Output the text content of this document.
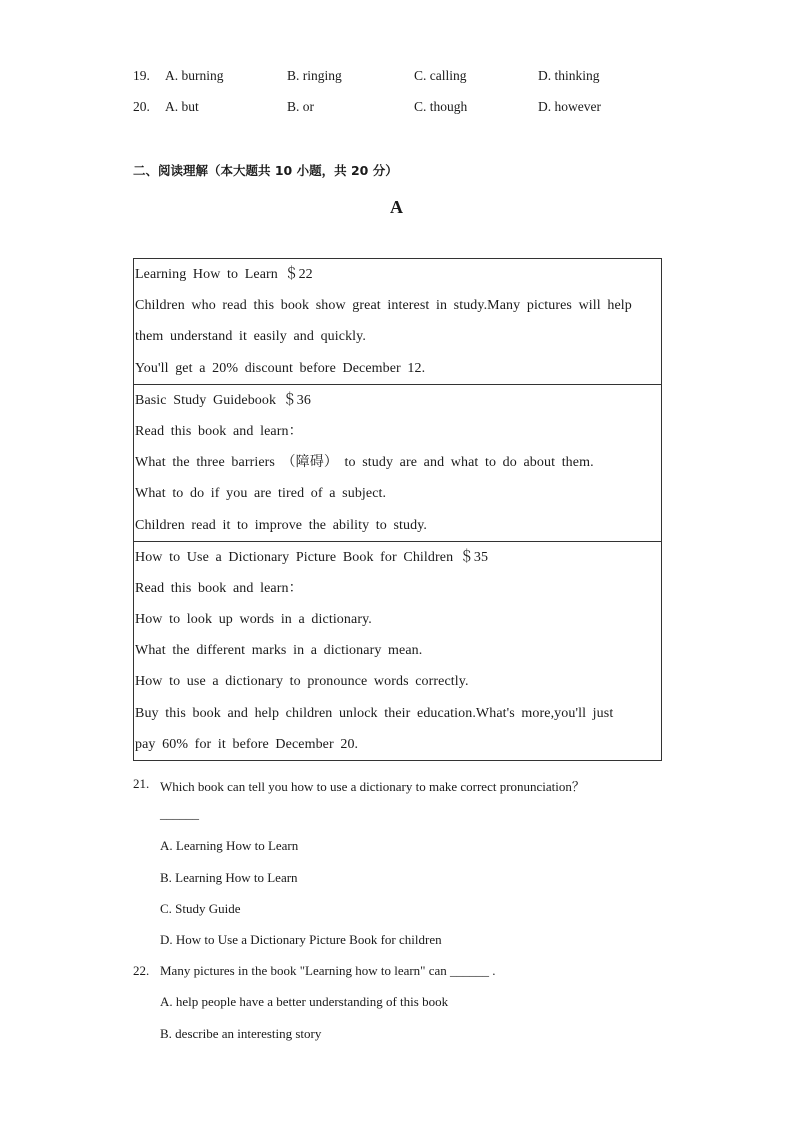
19. A. burning	B. ringing	C. calling	D. thinking
20. A. but	B. or	C. though	D. however
二、阅读理解（本大题共 10 小题，共 20 分）
A
Learning How to Learn ＄22
Children who read this book show great interest in study.Many pictures will help
them understand it easily and quickly.
You'll get a 20% discount before December 12.

Basic Study Guidebook ＄36
Read this book and learn：
What the three barriers （障碍） to study are and what to do about them.
What to do if you are tired of a subject.
Children read it to improve the ability to study.

How to Use a Dictionary Picture Book for Children ＄35
Read this book and learn：
How to look up words in a dictionary.
What the different marks in a dictionary mean.
How to use a dictionary to pronounce words correctly.
Buy this book and help children unlock their education.What's more,you'll just
pay 60% for it before December 20.
21. Which book can tell you how to use a dictionary to make correct pronunciation？
______
A. Learning How to Learn
B. Learning How to Learn
C. Study Guide
D. How to Use a Dictionary Picture Book for children
22. Many pictures in the book "Learning how to learn" can ______ .
A. help people have a better understanding of this book
B. describe an interesting story
